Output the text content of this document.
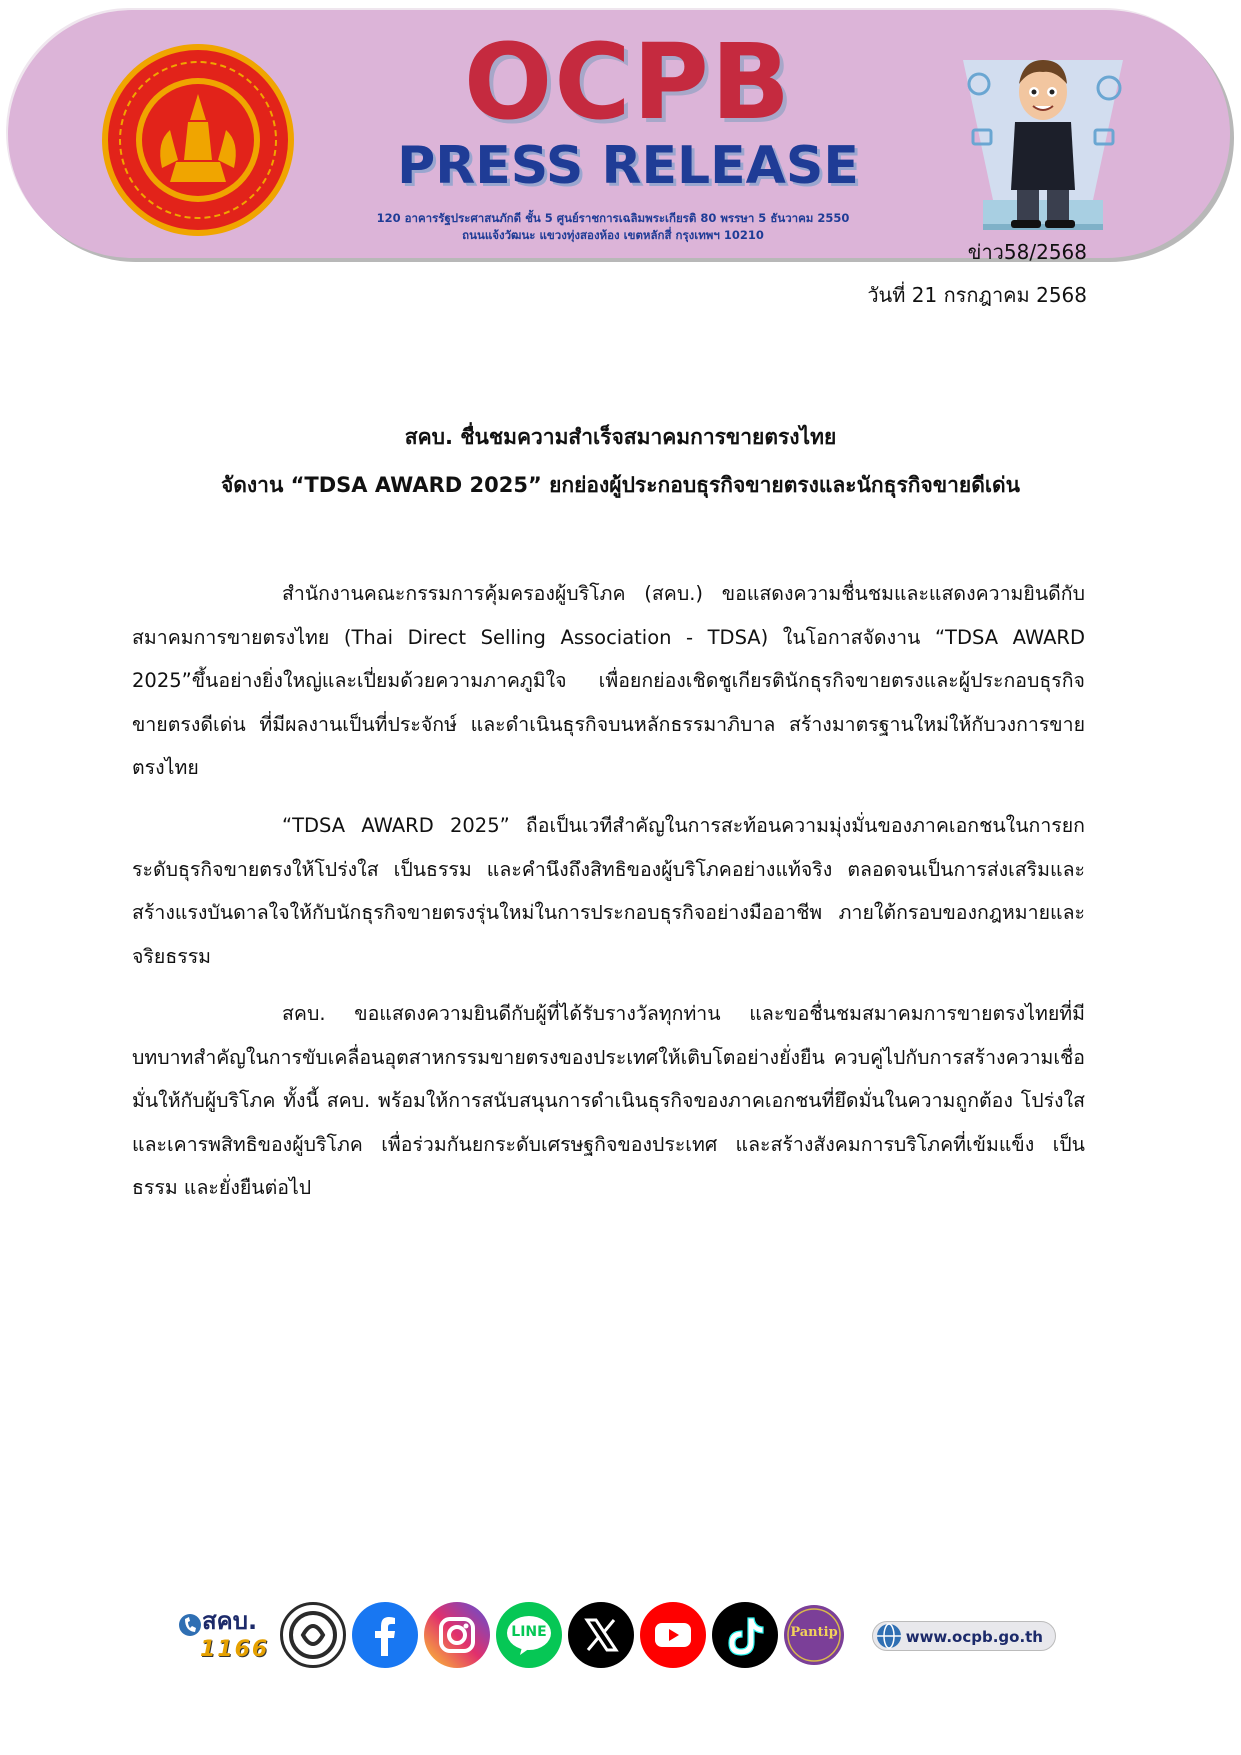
OCPB
PRESS RELEASE
120 อาคารรัฐประศาสนภักดี ชั้น 5 ศูนย์ราชการเฉลิมพระเกียรติ 80 พรรษา 5 ธันวาคม 2550
ถนนแจ้งวัฒนะ แขวงทุ่งสองห้อง เขตหลักสี่ กรุงเทพฯ 10210
ข่าว58/2568
วันที่ 21 กรกฎาคม 2568
สคบ. ชื่นชมความสำเร็จสมาคมการขายตรงไทย
จัดงาน “TDSA AWARD 2025” ยกย่องผู้ประกอบธุรกิจขายตรงและนักธุรกิจขายดีเด่น

สำนักงานคณะกรรมการคุ้มครองผู้บริโภค (สคบ.) ขอแสดงความชื่นชมและแสดงความยินดีกับสมาคมการขายตรงไทย (Thai Direct Selling Association - TDSA) ในโอกาสจัดงาน “TDSA AWARD 2025”ขึ้นอย่างยิ่งใหญ่และเปี่ยมด้วยความภาคภูมิใจ เพื่อยกย่องเชิดชูเกียรตินักธุรกิจขายตรงและผู้ประกอบธุรกิจขายตรงดีเด่น ที่มีผลงานเป็นที่ประจักษ์ และดำเนินธุรกิจบนหลักธรรมาภิบาล สร้างมาตรฐานใหม่ให้กับวงการขายตรงไทย

“TDSA AWARD 2025” ถือเป็นเวทีสำคัญในการสะท้อนความมุ่งมั่นของภาคเอกชนในการยกระดับธุรกิจขายตรงให้โปร่งใส เป็นธรรม และคำนึงถึงสิทธิของผู้บริโภคอย่างแท้จริง ตลอดจนเป็นการส่งเสริมและสร้างแรงบันดาลใจให้กับนักธุรกิจขายตรงรุ่นใหม่ในการประกอบธุรกิจอย่างมืออาชีพ ภายใต้กรอบของกฎหมายและจริยธรรม

สคบ. ขอแสดงความยินดีกับผู้ที่ได้รับรางวัลทุกท่าน และขอชื่นชมสมาคมการขายตรงไทยที่มีบทบาทสำคัญในการขับเคลื่อนอุตสาหกรรมขายตรงของประเทศให้เติบโตอย่างยั่งยืน ควบคู่ไปกับการสร้างความเชื่อมั่นให้กับผู้บริโภค ทั้งนี้ สคบ. พร้อมให้การสนับสนุนการดำเนินธุรกิจของภาคเอกชนที่ยึดมั่นในความถูกต้อง โปร่งใส และเคารพสิทธิของผู้บริโภค เพื่อร่วมกันยกระดับเศรษฐกิจของประเทศ และสร้างสังคมการบริโภคที่เข้มแข็ง เป็นธรรม และยั่งยืนต่อไป

สคบ.
1166
LINE	Pantip	www.ocpb.go.th
